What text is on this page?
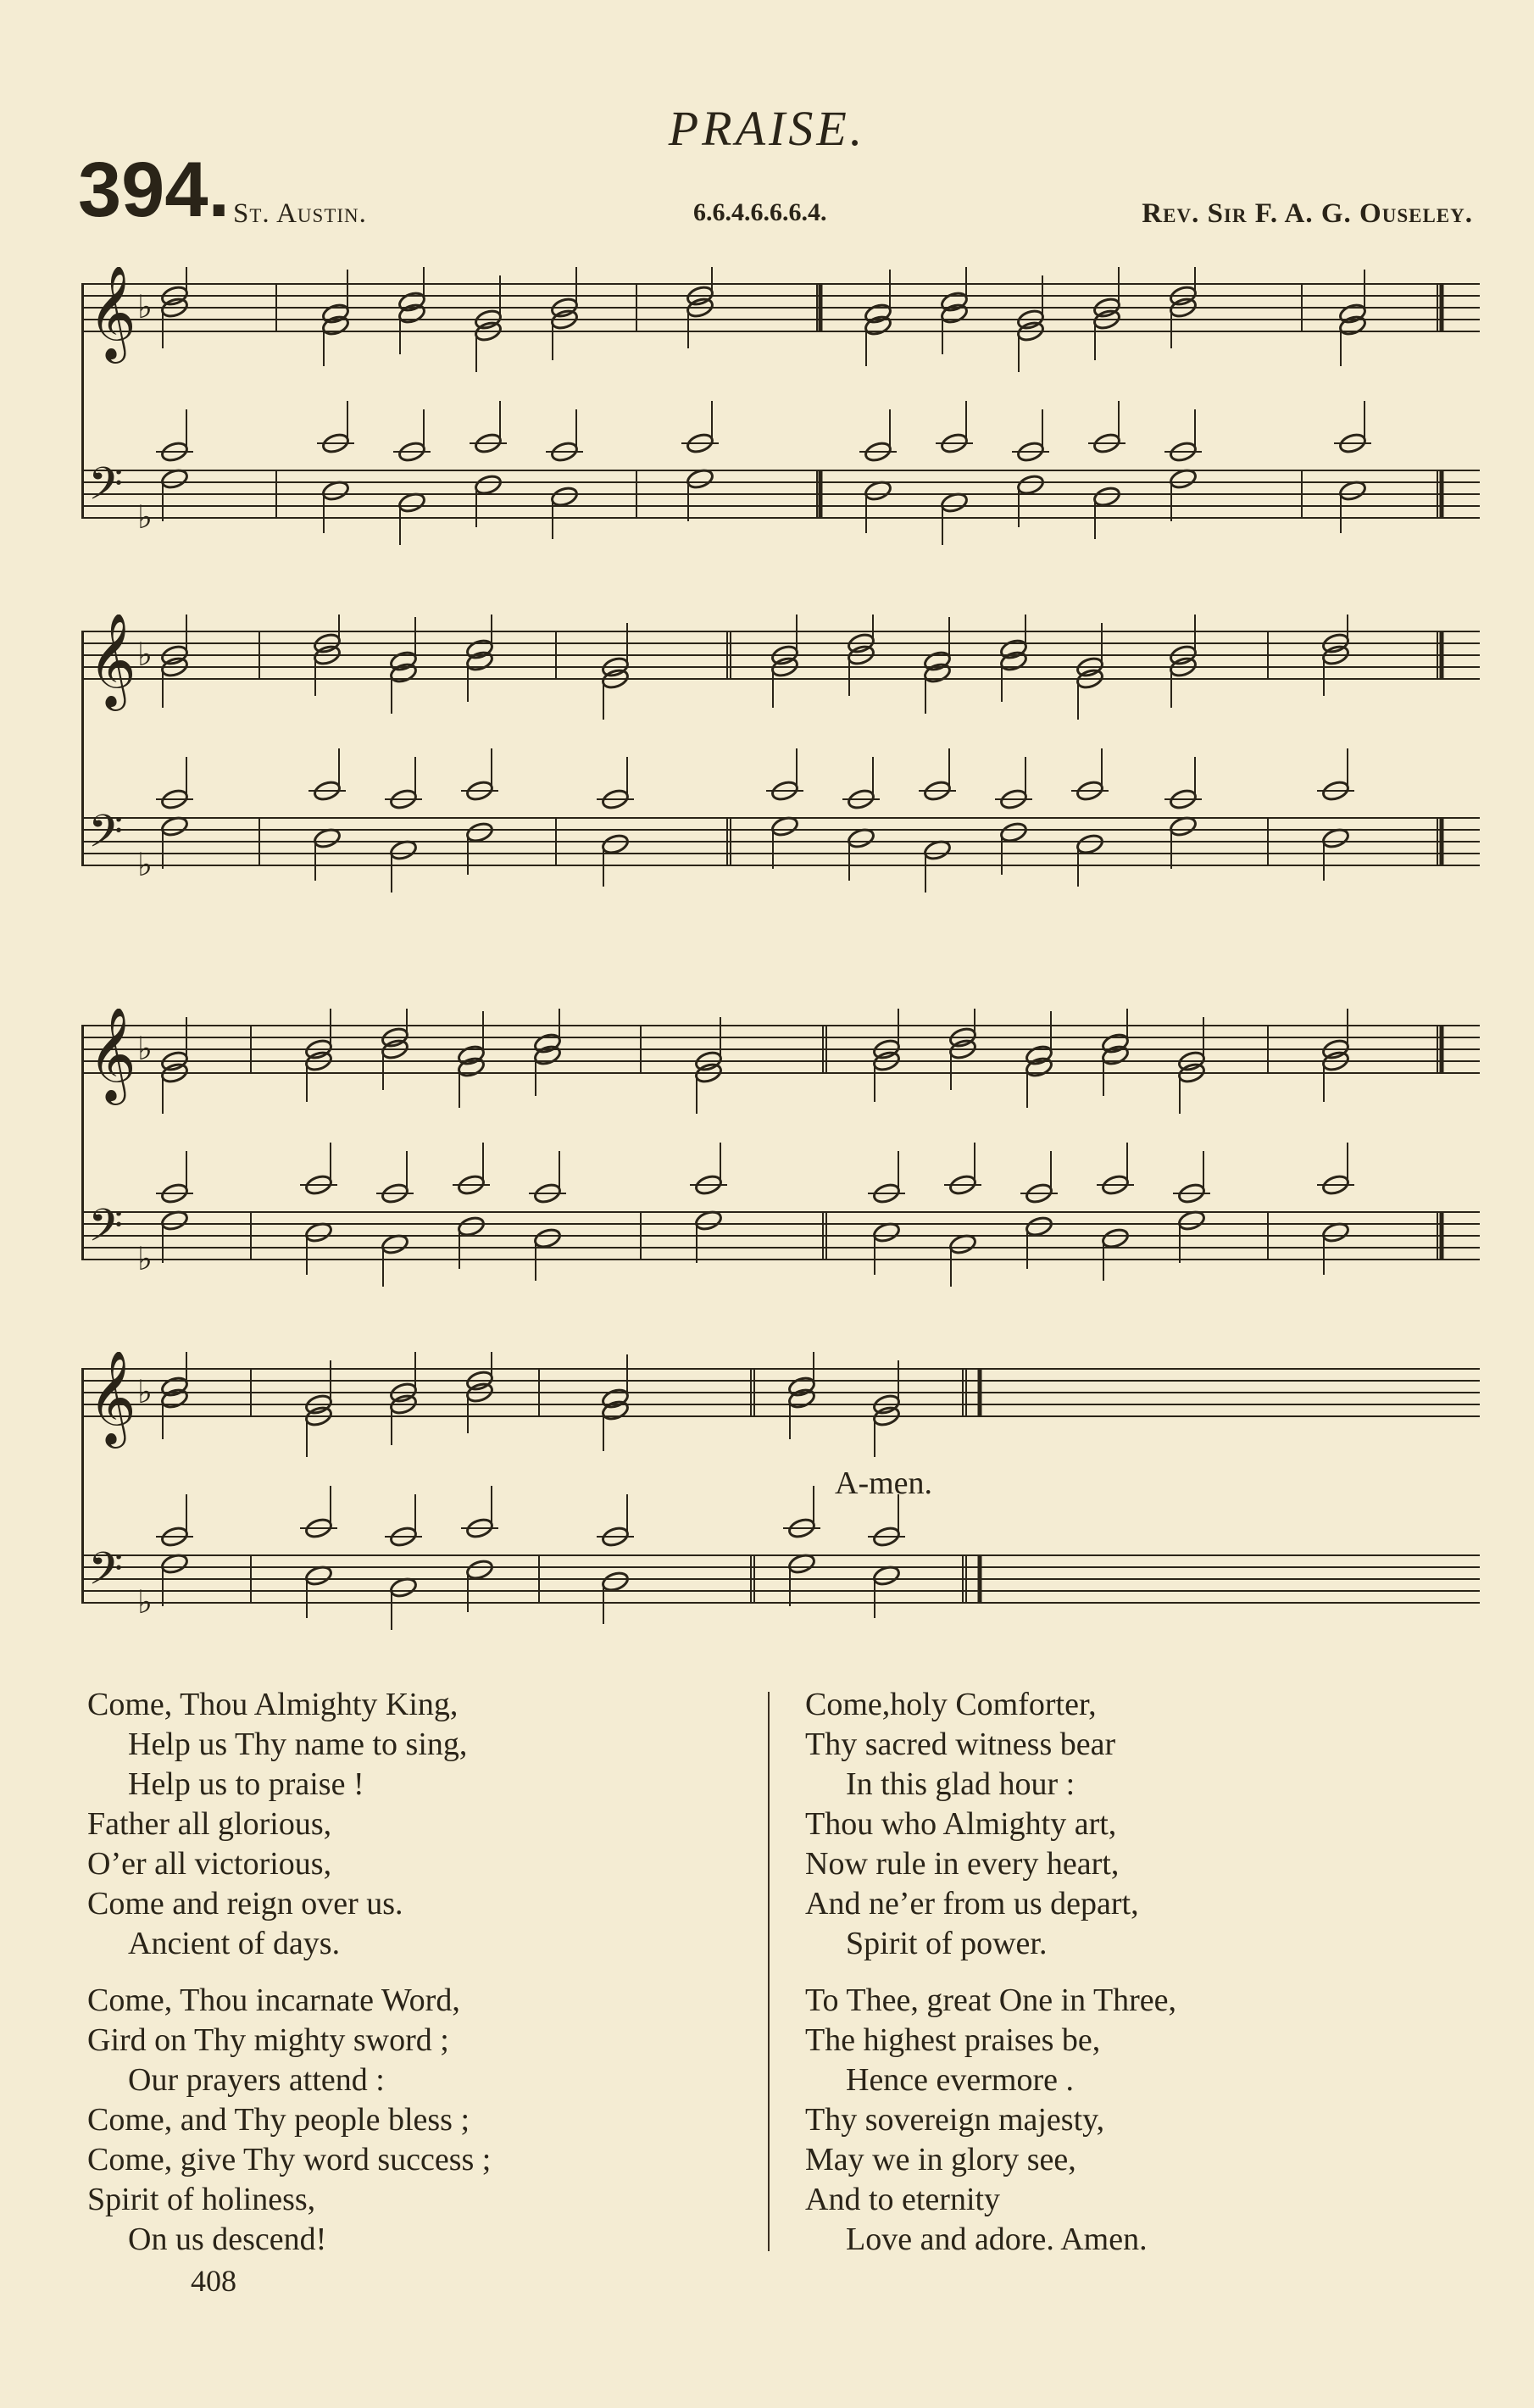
PRAISE.
394. St. Austin.	6.6.4.6.6.6.4.	Rev. Sir F. A. G. Ouseley.
𝄞
𝄢
♭
♭
𝄞
𝄢
♭
♭
𝄞
𝄢
♭
♭
𝄞
𝄢
♭
♭
A-men.
Come, Thou Almighty King,
Help us Thy name to sing,
Help us to praise !
Father all glorious,
O’er all victorious,
Come and reign over us.
Ancient of days.
Come, Thou incarnate Word,
Gird on Thy mighty sword ;
Our prayers attend :
Come, and Thy people bless ;
Come, give Thy word success ;
Spirit of holiness,
On us descend!
Come,holy Comforter,
Thy sacred witness bear
In this glad hour :
Thou who Almighty art,
Now rule in every heart,
And ne’er from us depart,
Spirit of power.
To Thee, great One in Three,
The highest praises be,
Hence evermore .
Thy sovereign majesty,
May we in glory see,
And to eternity
Love and adore. Amen.
408
